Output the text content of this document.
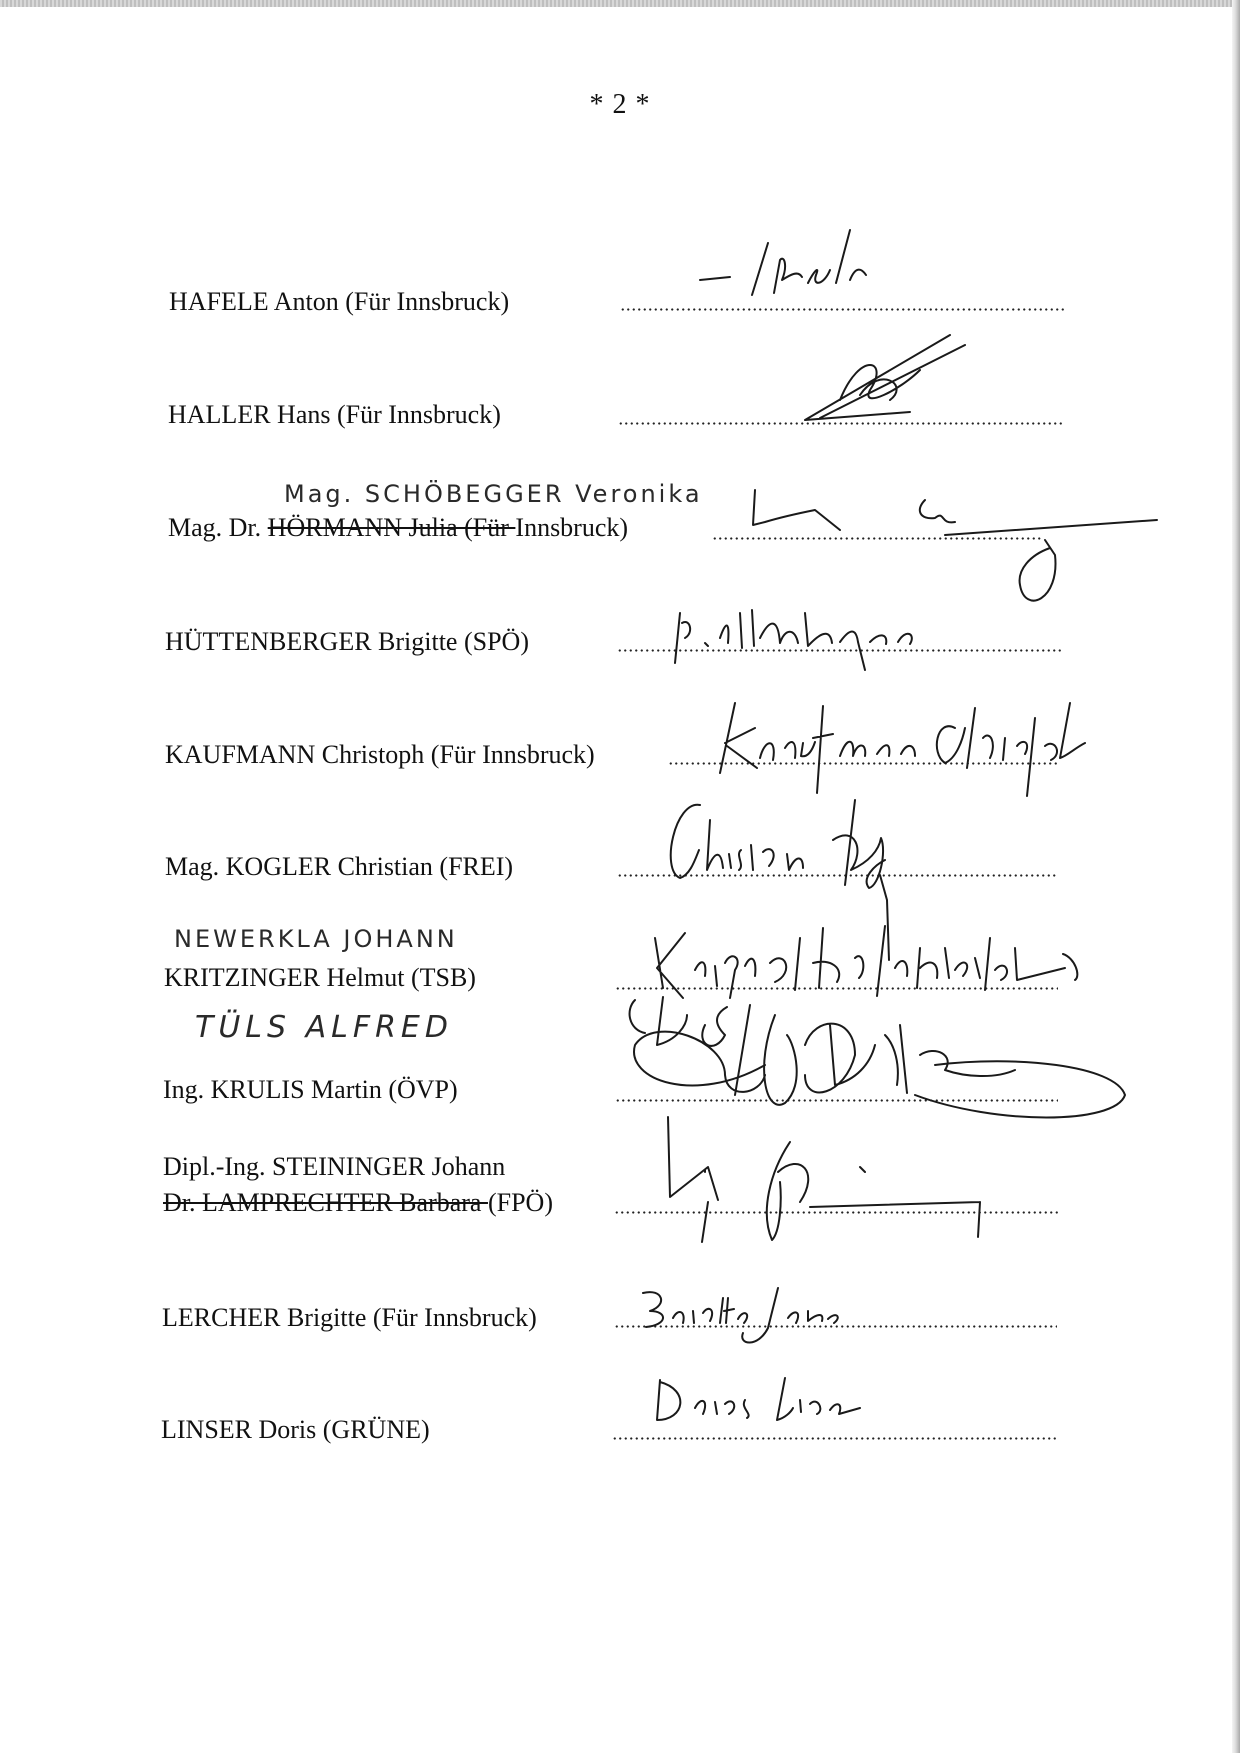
* 2 *
HAFELE Anton (Für Innsbruck)
HALLER Hans (Für Innsbruck)
Mag. SCHÖBEGGER Veronika
Mag. Dr. HÖRMANN Julia (Für Innsbruck)
HÜTTENBERGER Brigitte (SPÖ)
KAUFMANN Christoph (Für Innsbruck)
Mag. KOGLER Christian (FREI)
NEWERKLA JOHANN
KRITZINGER Helmut (TSB)
TÜLS ALFRED
Ing. KRULIS Martin (ÖVP)
Dipl.-Ing. STEININGER Johann
Dr. LAMPRECHTER Barbara (FPÖ)
LERCHER Brigitte (Für Innsbruck)
LINSER Doris (GRÜNE)
